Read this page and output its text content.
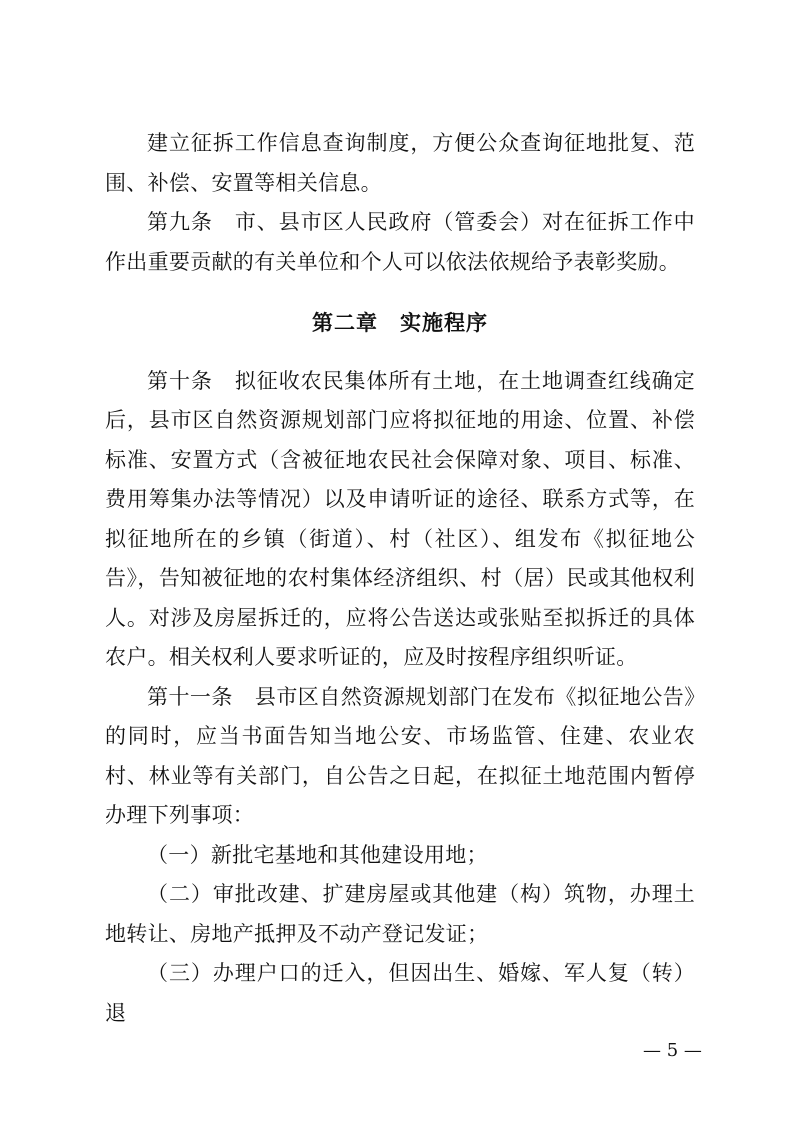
建立征拆工作信息查询制度，方便公众查询征地批复、范围、补偿、安置等相关信息。

第九条 市、县市区人民政府（管委会）对在征拆工作中作出重要贡献的有关单位和个人可以依法依规给予表彰奖励。

第二章 实施程序

第十条 拟征收农民集体所有土地，在土地调查红线确定后，县市区自然资源规划部门应将拟征地的用途、位置、补偿标准、安置方式（含被征地农民社会保障对象、项目、标准、费用筹集办法等情况）以及申请听证的途径、联系方式等，在拟征地所在的乡镇（街道）、村（社区）、组发布《拟征地公告》，告知被征地的农村集体经济组织、村（居）民或其他权利人。对涉及房屋拆迁的，应将公告送达或张贴至拟拆迁的具体农户。相关权利人要求听证的，应及时按程序组织听证。

第十一条 县市区自然资源规划部门在发布《拟征地公告》的同时，应当书面告知当地公安、市场监管、住建、农业农村、林业等有关部门，自公告之日起，在拟征土地范围内暂停办理下列事项：

（一）新批宅基地和其他建设用地；

（二）审批改建、扩建房屋或其他建（构）筑物，办理土地转让、房地产抵押及不动产登记发证；

（三）办理户口的迁入，但因出生、婚嫁、军人复（转）退

— 5 —
